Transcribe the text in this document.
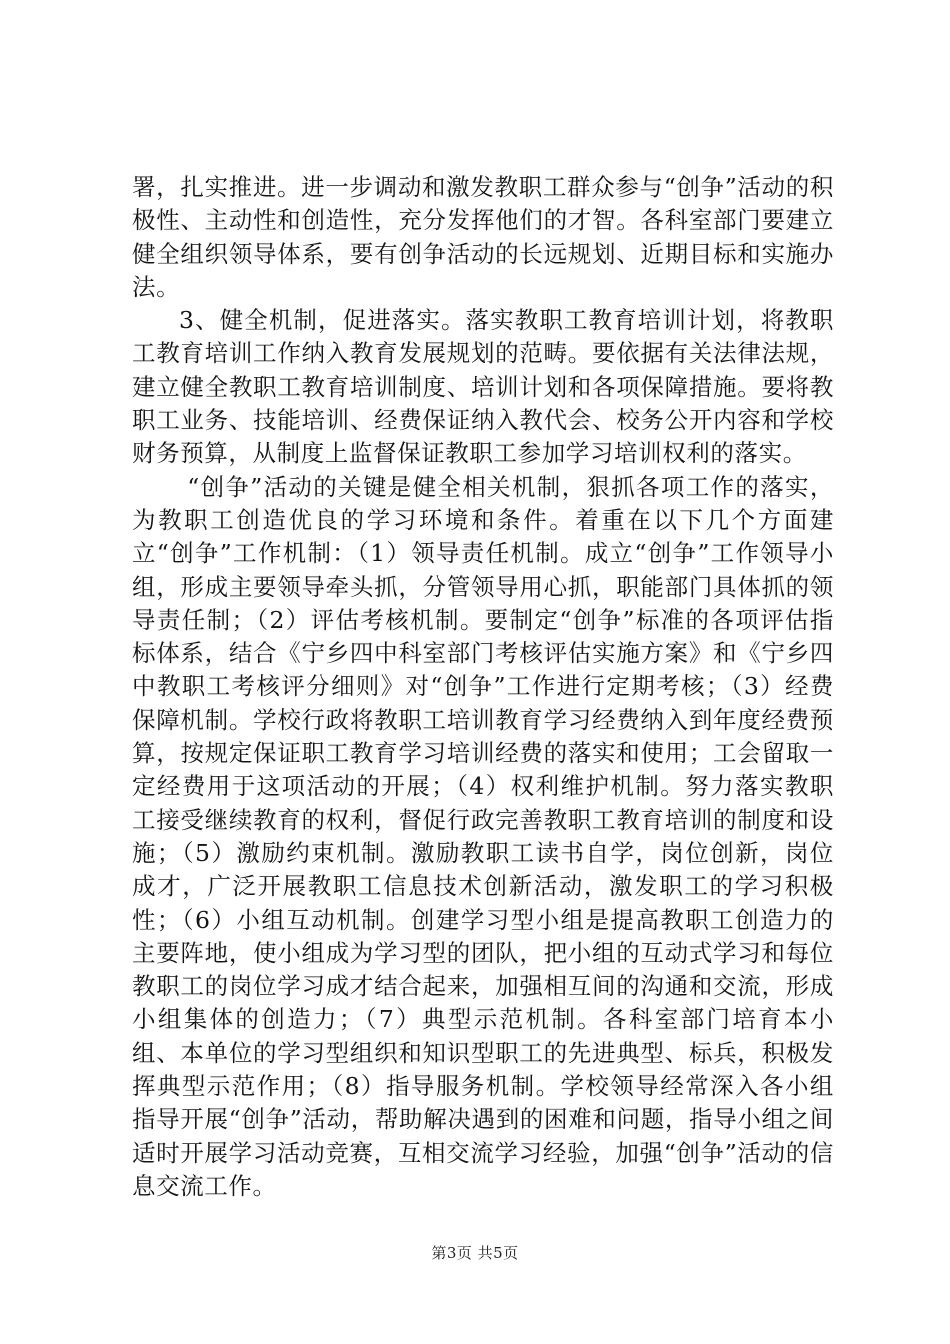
署，扎实推进。进一步调动和激发教职工群众参与“创争”活动的积极性、主动性和创造性，充分发挥他们的才智。各科室部门要建立健全组织领导体系，要有创争活动的长远规划、近期目标和实施办法。

3、健全机制，促进落实。落实教职工教育培训计划，将教职工教育培训工作纳入教育发展规划的范畴。要依据有关法律法规，建立健全教职工教育培训制度、培训计划和各项保障措施。要将教职工业务、技能培训、经费保证纳入教代会、校务公开内容和学校财务预算，从制度上监督保证教职工参加学习培训权利的落实。

“创争”活动的关键是健全相关机制，狠抓各项工作的落实，为教职工创造优良的学习环境和条件。着重在以下几个方面建立“创争”工作机制：（1）领导责任机制。成立“创争”工作领导小组，形成主要领导牵头抓，分管领导用心抓，职能部门具体抓的领导责任制；（2）评估考核机制。要制定“创争”标准的各项评估指标体系，结合《宁乡四中科室部门考核评估实施方案》和《宁乡四中教职工考核评分细则》对“创争”工作进行定期考核；（3）经费保障机制。学校行政将教职工培训教育学习经费纳入到年度经费预算，按规定保证职工教育学习培训经费的落实和使用；工会留取一定经费用于这项活动的开展；（4）权利维护机制。努力落实教职工接受继续教育的权利，督促行政完善教职工教育培训的制度和设施；（5）激励约束机制。激励教职工读书自学，岗位创新，岗位成才，广泛开展教职工信息技术创新活动，激发职工的学习积极性；（6）小组互动机制。创建学习型小组是提高教职工创造力的主要阵地，使小组成为学习型的团队，把小组的互动式学习和每位教职工的岗位学习成才结合起来，加强相互间的沟通和交流，形成小组集体的创造力；（7）典型示范机制。各科室部门培育本小组、本单位的学习型组织和知识型职工的先进典型、标兵，积极发挥典型示范作用；（8）指导服务机制。学校领导经常深入各小组指导开展“创争”活动，帮助解决遇到的困难和问题，指导小组之间适时开展学习活动竞赛，互相交流学习经验，加强“创争”活动的信息交流工作。

第3页 共5页
